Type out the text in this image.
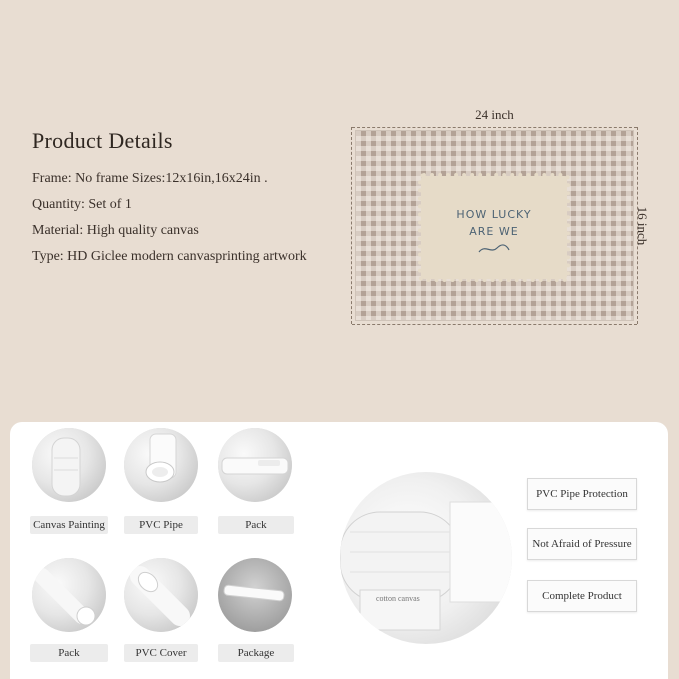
Product Details
Frame: No frame Sizes:12x16in,16x24in .
Quantity: Set of 1
Material: High quality canvas
Type: HD Giclee modern canvasprinting artwork
24 inch
16 inch
HOW LUCKY
ARE WE
Canvas Painting	PVC Pipe	Pack
Pack	PVC Cover	Package
cotton canvas
PVC Pipe Protection
Not Afraid of Pressure
Complete Product
